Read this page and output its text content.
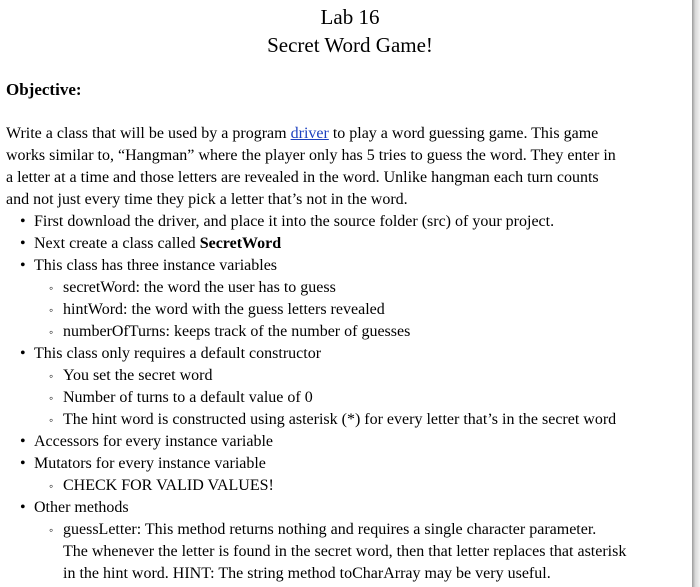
Lab 16
Secret Word Game!
Objective:
Write a class that will be used by a program driver to play a word guessing game. This game
works similar to, “Hangman” where the player only has 5 tries to guess the word. They enter in
a letter at a time and those letters are revealed in the word. Unlike hangman each turn counts
and not just every time they pick a letter that’s not in the word.
• First download the driver, and place it into the source folder (src) of your project.
• Next create a class called SecretWord
• This class has three instance variables
◦ secretWord: the word the user has to guess
◦ hintWord: the word with the guess letters revealed
◦ numberOfTurns: keeps track of the number of guesses
• This class only requires a default constructor
◦ You set the secret word
◦ Number of turns to a default value of 0
◦ The hint word is constructed using asterisk (*) for every letter that’s in the secret word
• Accessors for every instance variable
• Mutators for every instance variable
◦ CHECK FOR VALID VALUES!
• Other methods
◦ guessLetter: This method returns nothing and requires a single character parameter.
The whenever the letter is found in the secret word, then that letter replaces that asterisk
in the hint word. HINT: The string method toCharArray may be very useful.
